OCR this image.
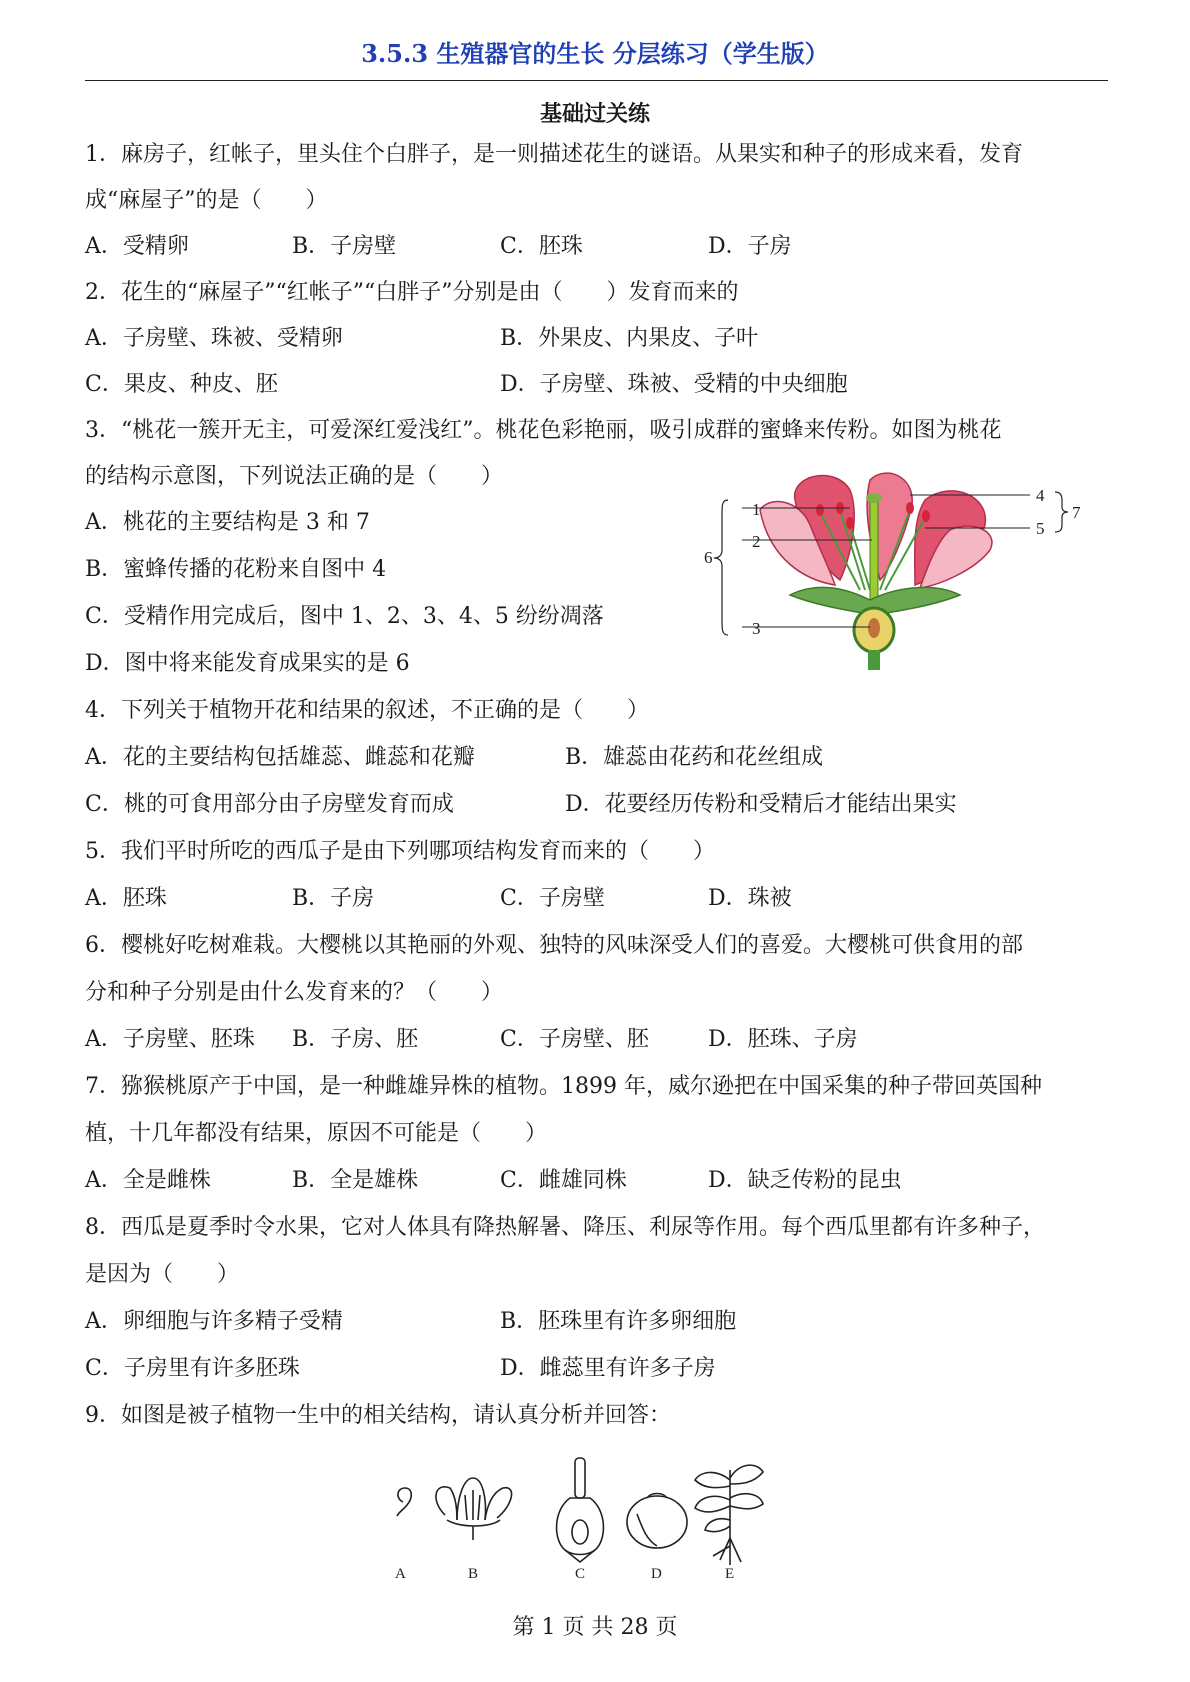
3.5.3 生殖器官的生长 分层练习（学生版）
基础过关练

1．麻房子，红帐子，里头住个白胖子，是一则描述花生的谜语。从果实和种子的形成来看，发育

成“麻屋子”的是（　　）

A．受精卵	B．子房壁	C．胚珠	D．子房

2．花生的“麻屋子”“红帐子”“白胖子”分别是由（　　）发育而来的

A．子房壁、珠被、受精卵	B．外果皮、内果皮、子叶
C．果皮、种皮、胚	D．子房壁、珠被、受精的中央细胞

3．“桃花一簇开无主，可爱深红爱浅红”。桃花色彩艳丽，吸引成群的蜜蜂来传粉。如图为桃花

的结构示意图，下列说法正确的是（　　）

A．桃花的主要结构是 3 和 7
B．蜜蜂传播的花粉来自图中 4
C．受精作用完成后，图中 1、2、3、4、5 纷纷凋落
D．图中将来能发育成果实的是 6
1
2
3
4
5
6
7

4．下列关于植物开花和结果的叙述，不正确的是（　　）

A．花的主要结构包括雄蕊、雌蕊和花瓣	B．雄蕊由花药和花丝组成
C．桃的可食用部分由子房壁发育而成	D．花要经历传粉和受精后才能结出果实

5．我们平时所吃的西瓜子是由下列哪项结构发育而来的（　　）

A．胚珠	B．子房	C．子房壁	D．珠被

6．樱桃好吃树难栽。大樱桃以其艳丽的外观、独特的风味深受人们的喜爱。大樱桃可供食用的部

分和种子分别是由什么发育来的？（　　）

A．子房壁、胚珠 B．子房、胚	C．子房壁、胚	D．胚珠、子房

7．猕猴桃原产于中国，是一种雌雄异株的植物。1899 年，威尔逊把在中国采集的种子带回英国种

植，十几年都没有结果，原因不可能是（　　）

A．全是雌株	B．全是雄株	C．雌雄同株	D．缺乏传粉的昆虫

8．西瓜是夏季时令水果，它对人体具有降热解暑、降压、利尿等作用。每个西瓜里都有许多种子，

是因为（　　）

A．卵细胞与许多精子受精	B．胚珠里有许多卵细胞
C．子房里有许多胚珠	D．雌蕊里有许多子房

9．如图是被子植物一生中的相关结构，请认真分析并回答：

A	B	C	D	E
第 1 页 共 28 页
